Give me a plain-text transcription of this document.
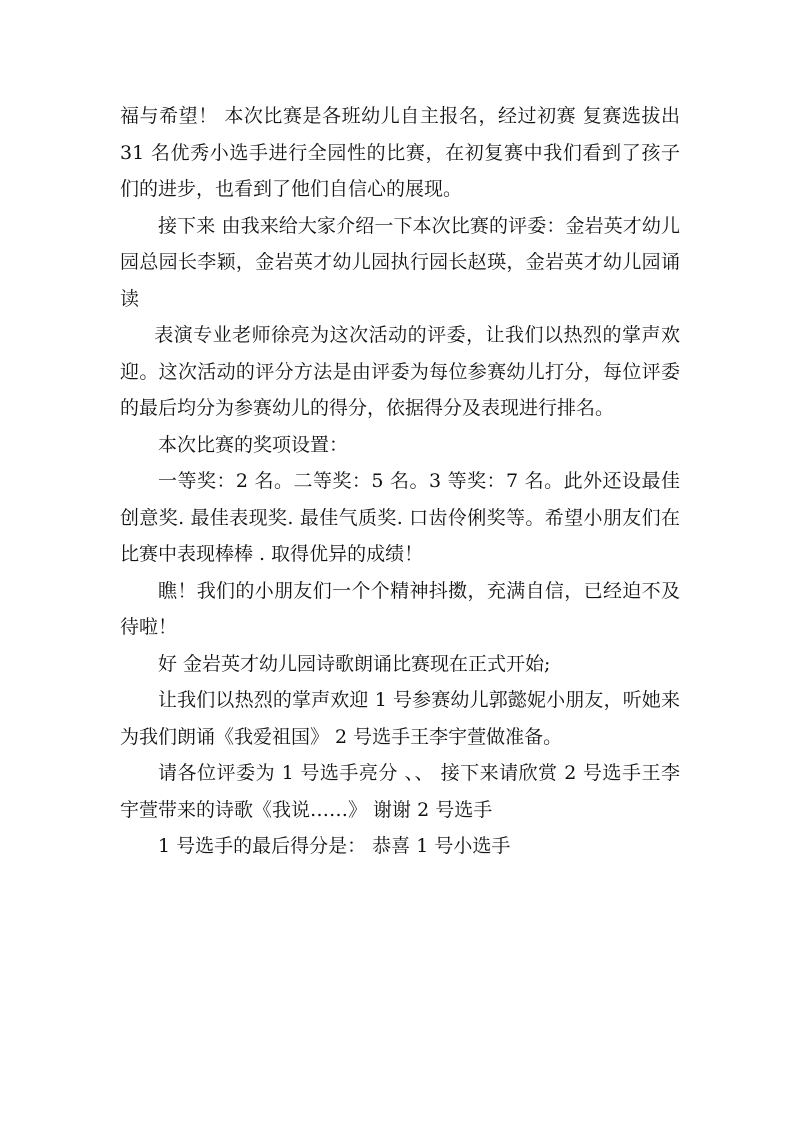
福与希望！ 本次比赛是各班幼儿自主报名，经过初赛 复赛选拔出 31 名优秀小选手进行全园性的比赛，在初复赛中我们看到了孩子们的进步，也看到了他们自信心的展现。

接下来 由我来给大家介绍一下本次比赛的评委：金岩英才幼儿园总园长李颖，金岩英才幼儿园执行园长赵瑛，金岩英才幼儿园诵读

表演专业老师徐亮为这次活动的评委，让我们以热烈的掌声欢迎。这次活动的评分方法是由评委为每位参赛幼儿打分，每位评委的最后均分为参赛幼儿的得分，依据得分及表现进行排名。

本次比赛的奖项设置：

一等奖：2 名。二等奖：5 名。3 等奖：7 名。此外还设最佳创意奖. 最佳表现奖. 最佳气质奖. 口齿伶俐奖等。希望小朋友们在比赛中表现棒棒 . 取得优异的成绩！

瞧！我们的小朋友们一个个精神抖擞，充满自信，已经迫不及待啦！

好 金岩英才幼儿园诗歌朗诵比赛现在正式开始;

让我们以热烈的掌声欢迎 1 号参赛幼儿郭懿妮小朋友，听她来为我们朗诵《我爱祖国》 2 号选手王李宇萱做准备。

请各位评委为 1 号选手亮分 、、 接下来请欣赏 2 号选手王李宇萱带来的诗歌《我说……》 谢谢 2 号选手

1 号选手的最后得分是： 恭喜 1 号小选手
